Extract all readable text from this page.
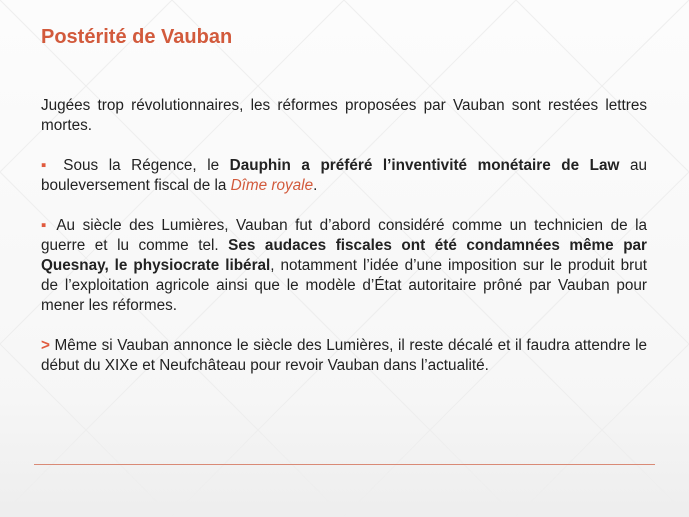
Postérité de Vauban

Jugées trop révolutionnaires, les réformes proposées par Vauban sont restées lettres mortes.

▪ Sous la Régence, le Dauphin a préféré l’inventivité monétaire de Law au bouleversement fiscal de la Dîme royale.

▪ Au siècle des Lumières, Vauban fut d’abord considéré comme un technicien de la guerre et lu comme tel. Ses audaces fiscales ont été condamnées même par Quesnay, le physiocrate libéral, notamment l’idée d’une imposition sur le produit brut de l’exploitation agricole ainsi que le modèle d’État autoritaire prôné par Vauban pour mener les réformes.

> Même si Vauban annonce le siècle des Lumières, il reste décalé et il faudra attendre le début du XIXe et Neufchâteau pour revoir Vauban dans l’actualité.
